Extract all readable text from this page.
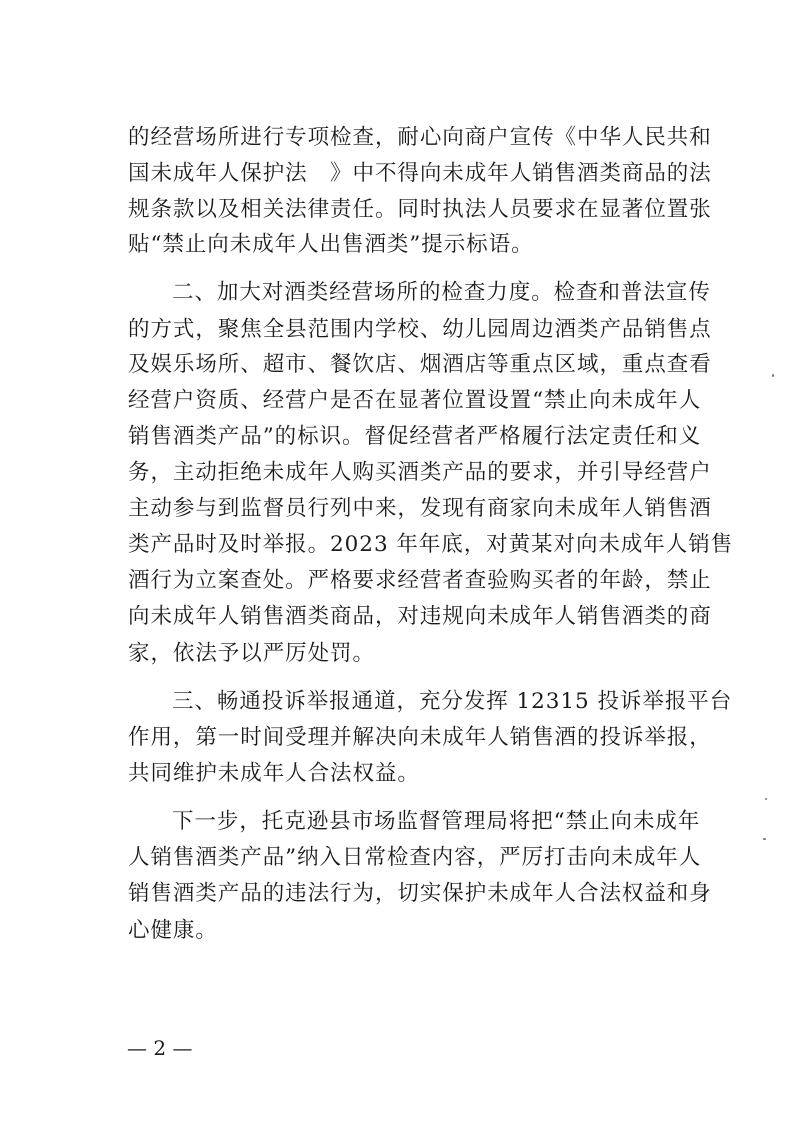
的经营场所进行专项检查，耐心向商户宣传《中华人民共和
国未成年人保护法　》中不得向未成年人销售酒类商品的法
规条款以及相关法律责任。同时执法人员要求在显著位置张
贴“禁止向未成年人出售酒类”提示标语。
二、加大对酒类经营场所的检查力度。检查和普法宣传
的方式，聚焦全县范围内学校、幼儿园周边酒类产品销售点
及娱乐场所、超市、餐饮店、烟酒店等重点区域，重点查看
经营户资质、经营户是否在显著位置设置“禁止向未成年人
销售酒类产品”的标识。督促经营者严格履行法定责任和义
务，主动拒绝未成年人购买酒类产品的要求，并引导经营户
主动参与到监督员行列中来，发现有商家向未成年人销售酒
类产品时及时举报。2023 年年底，对黄某对向未成年人销售
酒行为立案查处。严格要求经营者查验购买者的年龄，禁止
向未成年人销售酒类商品，对违规向未成年人销售酒类的商
家，依法予以严厉处罚。
三、畅通投诉举报通道，充分发挥 12315 投诉举报平台
作用，第一时间受理并解决向未成年人销售酒的投诉举报，
共同维护未成年人合法权益。
下一步，托克逊县市场监督管理局将把“禁止向未成年
人销售酒类产品”纳入日常检查内容，严厉打击向未成年人
销售酒类产品的违法行为，切实保护未成年人合法权益和身
心健康。
— 2 —
